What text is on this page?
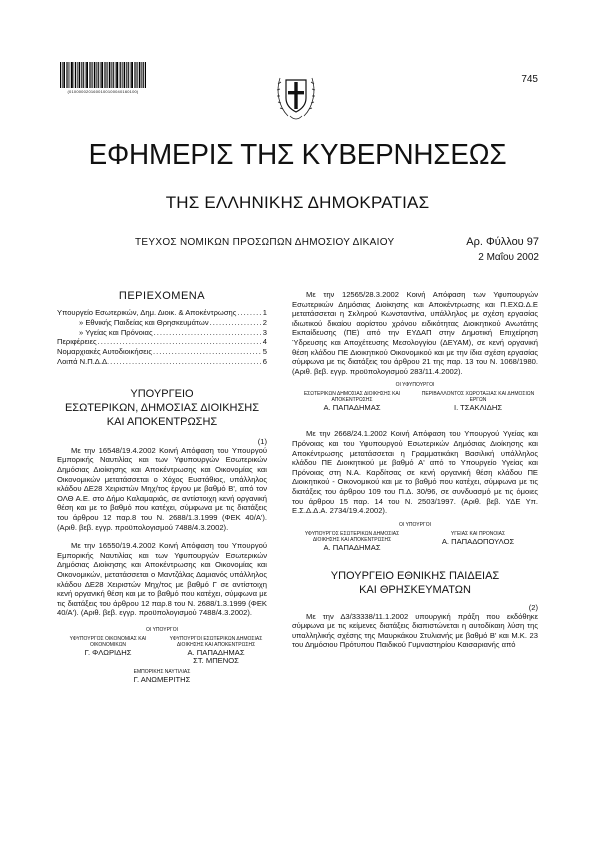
(0100000201600100100040160100)
745
ΕΦΗΜΕΡΙΣ ΤΗΣ ΚΥΒΕΡΝΗΣΕΩΣ
ΤΗΣ ΕΛΛΗΝΙΚΗΣ ΔΗΜΟΚΡΑΤΙΑΣ
ΤΕΥΧΟΣ ΝΟΜΙΚΩΝ ΠΡΟΣΩΠΩΝ ΔΗΜΟΣΙΟΥ ΔΙΚΑΙΟΥ	Αρ. Φύλλου 97
2 Μαΐου 2002
ΠΕΡΙΕΧΟΜΕΝΑ
Υπουργείο Εσωτερικών, Δημ. Διοικ. & Αποκέντρωσης .....	1
» Εθνικής Παιδείας και Θρησκευμάτων .....	2
» Υγείας και Πρόνοιας .....	3
Περιφέρειες .....	4
Νομαρχιακές Αυτοδιοικήσεις .....	5
Λοιπά Ν.Π.Δ.Δ. .....	6
ΥΠΟΥΡΓΕΙΟ
ΕΣΩΤΕΡΙΚΩΝ, ΔΗΜΟΣΙΑΣ ΔΙΟΙΚΗΣΗΣ
ΚΑΙ ΑΠΟΚΕΝΤΡΩΣΗΣ
(1)

Με την 16548/19.4.2002 Κοινή Απόφαση του Υπουργού Εμπορικής Ναυτιλίας και των Υφυπουργών Εσωτερικών Δημόσιας Διοίκησης και Αποκέντρωσης και Οικονομίας και Οικονομικών μετατάσσεται ο Χόχος Ευστάθιος, υπάλληλος κλάδου ΔΕ28 Χειριστών Μηχ/τος έργου με βαθμό Β', από τον ΟΛΘ Α.Ε. στο Δήμο Καλαμαριάς, σε αντίστοιχη κενή οργανική θέση και με το βαθμό που κατέχει, σύμφωνα με τις διατάξεις του άρθρου 12 παρ.8 του Ν. 2688/1.3.1999 (ΦΕΚ 40/Α'). (Αριθ. βεβ. εγγρ. προϋπολογισμού 7488/4.3.2002).

Με την 16550/19.4.2002 Κοινή Απόφαση του Υπουργού Εμπορικής Ναυτιλίας και των Υφυπουργών Εσωτερικών Δημόσιας Διοίκησης και Αποκέντρωσης και Οικονομίας και Οικονομικών, μετατάσσεται ο Μαντζάλας Δαμιανός υπάλληλος κλάδου ΔΕ28 Χειριστών Μηχ/τος με βαθμό Γ σε αντίστοιχη κενή οργανική θέση και με το βαθμό που κατέχει, σύμφωνα με τις διατάξεις του άρθρου 12 παρ.8 του Ν. 2688/1.3.1999 (ΦΕΚ 40/Α'). (Αριθ. βεβ. εγγρ. προϋπολογισμού 7488/4.3.2002).

ΟΙ ΥΠΟΥΡΓΟΙ
ΥΦΥΠΟΥΡΓΟΣ ΟΙΚΟΝΟΜΙΑΣ ΚΑΙ ΟΙΚΟΝΟΜΙΚΩΝ
Γ. ΦΛΩΡΙΔΗΣ
ΥΦΥΠΟΥΡΓΟΙ ΕΣΩΤΕΡΙΚΩΝ ΔΗΜΟΣΙΑΣ ΔΙΟΙΚΗΣΗΣ ΚΑΙ ΑΠΟΚΕΝΤΡΩΣΗΣ
Α. ΠΑΠΑΔΗΜΑΣ
ΣΤ. ΜΠΕΝΟΣ
ΕΜΠΟΡΙΚΗΣ ΝΑΥΤΙΛΙΑΣ
Γ. ΑΝΩΜΕΡΙΤΗΣ

Με την 12565/28.3.2002 Κοινή Απόφαση των Υφυπουργών Εσωτερικών Δημόσιας Διοίκησης και Αποκέντρωσης και Π.ΕΧΩ.Δ.Ε μετατάσσεται η Σκληρού Κωνσταντίνα, υπάλληλος με σχέση εργασίας ιδιωτικού δικαίου αορίστου χρόνου ειδικότητας Διοικητικού Ανωτάτης Εκπαίδευσης (ΠΕ) από την ΕΥΔΑΠ στην Δημοτική Επιχείρηση Ύδρευσης και Αποχέτευσης Μεσολογγίου (ΔΕΥΑΜ), σε κενή οργανική θέση κλάδου ΠΕ Διοικητικού Οικονομικού και με την ίδια σχέση εργασίας σύμφωνα με τις διατάξεις του άρθρου 21 της παρ. 13 του Ν. 1068/1980. (Αριθ. βεβ. εγγρ. προϋπολογισμού 283/11.4.2002).

ΟΙ ΥΦΥΠΟΥΡΓΟΙ
ΕΣΩΤΕΡΙΚΩΝ ΔΗΜΟΣΙΑΣ ΔΙΟΙΚΗΣΗΣ ΚΑΙ ΑΠΟΚΕΝΤΡΩΣΗΣ
Α. ΠΑΠΑΔΗΜΑΣ
ΠΕΡΙΒΑΛΛΟΝΤΟΣ ΧΩΡΟΤΑΞΙΑΣ ΚΑΙ ΔΗΜΟΣΙΩΝ ΕΡΓΩΝ
Ι. ΤΣΑΚΛΙΔΗΣ

Με την 2668/24.1.2002 Κοινή Απόφαση του Υπουργού Υγείας και Πρόνοιας και του Υφυπουργού Εσωτερικών Δημόσιας Διοίκησης και Αποκέντρωσης μετατάσσεται η Γραμματικάκη Βασιλική υπάλληλος κλάδου ΠΕ Διοικητικού με βαθμό Α' από το Υπουργείο Υγείας και Πρόνοιας στη Ν.Α. Καρδίτσας σε κενή οργανική θέση κλάδου ΠΕ Διοικητικού - Οικονομικού και με το βαθμό που κατέχει, σύμφωνα με τις διατάξεις του άρθρου 109 του Π.Δ. 30/96, σε συνδυασμό με τις όμοιες του άρθρου 15 παρ. 14 του Ν. 2503/1997. (Αριθ. βεβ. ΥΔΕ Υπ. Ε.Σ.Δ.Δ.Α. 2734/19.4.2002).

ΟΙ ΥΠΟΥΡΓΟΙ
ΥΦΥΠΟΥΡΓΟΣ ΕΣΩΤΕΡΙΚΩΝ ΔΗΜΟΣΙΑΣ ΔΙΟΙΚΗΣΗΣ ΚΑΙ ΑΠΟΚΕΝΤΡΩΣΗΣ
Α. ΠΑΠΑΔΗΜΑΣ
ΥΓΕΙΑΣ ΚΑΙ ΠΡΟΝΟΙΑΣ
Α. ΠΑΠΑΔΟΠΟΥΛΟΣ
ΥΠΟΥΡΓΕΙΟ ΕΘΝΙΚΗΣ ΠΑΙΔΕΙΑΣ
ΚΑΙ ΘΡΗΣΚΕΥΜΑΤΩΝ
(2)

Με την Δ3/33338/11.1.2002 υπουργική πράξη που εκδόθηκε σύμφωνα με τις κείμενες διατάξεις διαπιστώνεται η αυτοδίκαιη λύση της υπαλληλικής σχέσης της Μαυρκάκου Στυλιανής με βαθμό Β' και Μ.Κ. 23 του Δημόσιου Πρότυπου Παιδικού Γυμναστηρίου Καισαριανής από
